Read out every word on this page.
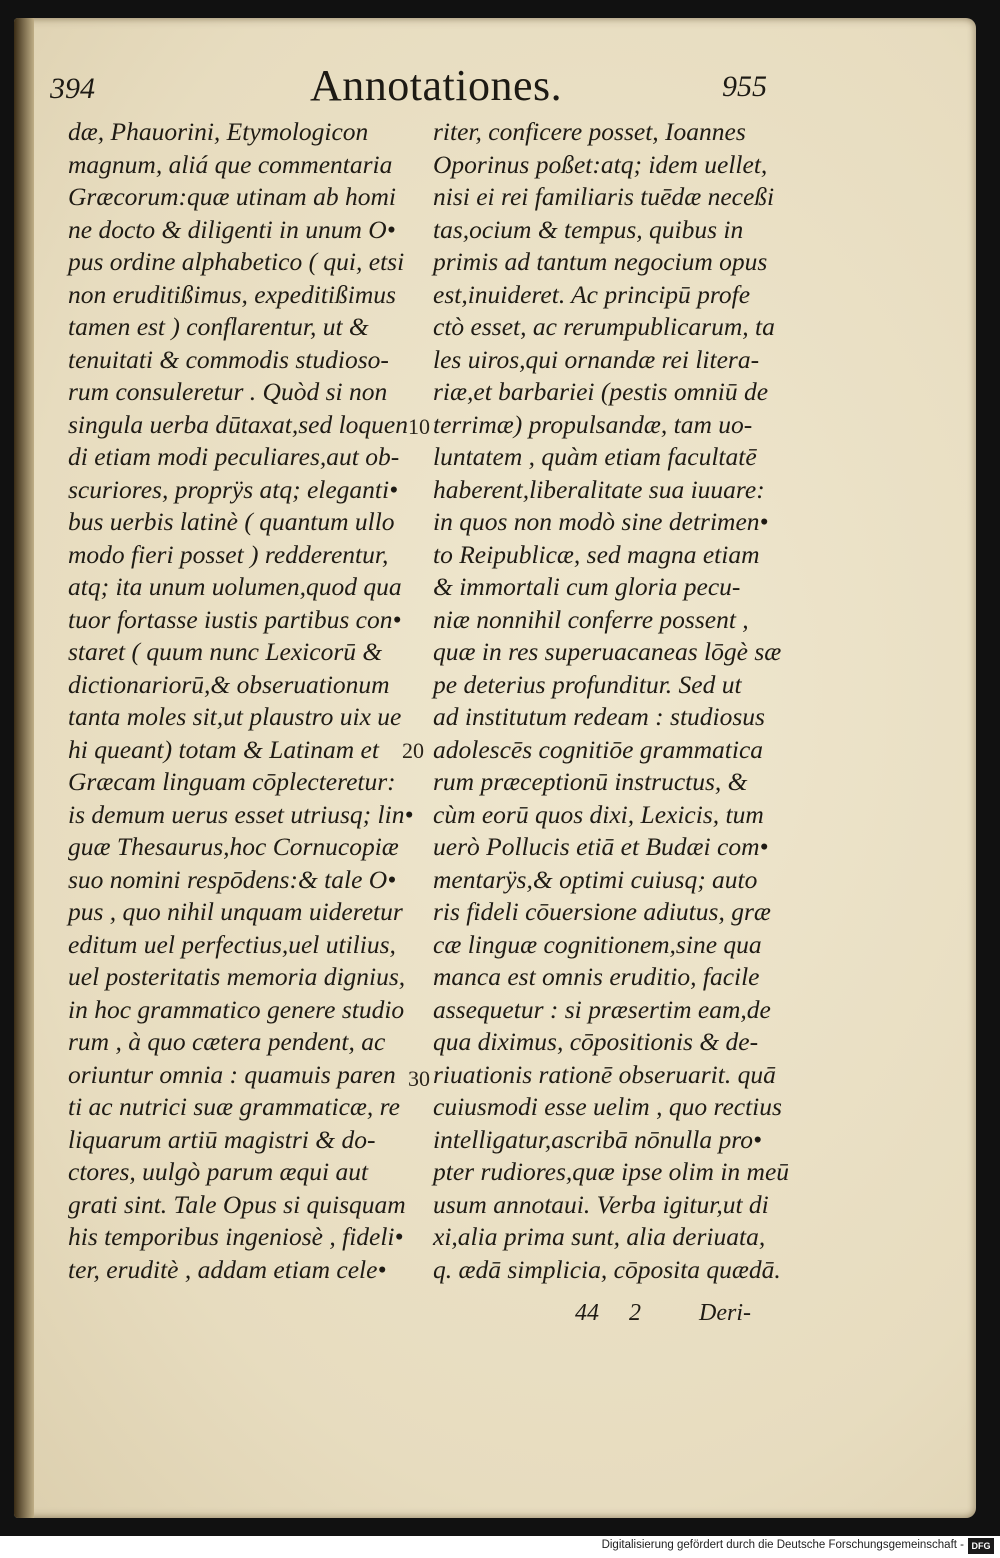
394	Annotationes.	955
dæ, Phauorini, Etymologicon
magnum, aliá que commentaria
Græcorum:quæ utinam ab homi
ne docto & diligenti in unum O•
pus ordine alphabetico ( qui, etsi
non eruditißimus, expeditißimus
tamen est ) conflarentur, ut &
tenuitati & commodis studioso-
rum consuleretur . Quòd si non
singula uerba dūtaxat,sed loquen
di etiam modi peculiares,aut ob-
scuriores, proprÿs atq; eleganti•
bus uerbis latinè ( quantum ullo
modo fieri posset ) redderentur,
atq; ita unum uolumen,quod qua
tuor fortasse iustis partibus con•
staret ( quum nunc Lexicorū &
dictionariorū,& obseruationum
tanta moles sit,ut plaustro uix ue
hi queant) totam & Latinam et
Græcam linguam cōplecteretur:
is demum uerus esset utriusq; lin•
guæ Thesaurus,hoc Cornucopiæ
suo nomini respōdens:& tale O•
pus , quo nihil unquam uideretur
editum uel perfectius,uel utilius,
uel posteritatis memoria dignius,
in hoc grammatico genere studio
rum , à quo cætera pendent, ac
oriuntur omnia : quamuis paren
ti ac nutrici suæ grammaticæ, re
liquarum artiū magistri & do-
ctores, uulgò parum æqui aut
grati sint. Tale Opus si quisquam
his temporibus ingeniosè , fideli•
ter, eruditè , addam etiam cele•
riter, conficere posset, Ioannes
Oporinus poßet:atq; idem uellet,
nisi ei rei familiaris tuēdæ neceßi
tas,ocium & tempus, quibus in
primis ad tantum negocium opus
est,inuideret. Ac principū profe
ctò esset, ac rerumpublicarum, ta
les uiros,qui ornandæ rei litera-
riæ,et barbariei (pestis omniū de
terrimæ) propulsandæ, tam uo-
luntatem , quàm etiam facultatē
haberent,liberalitate sua iuuare:
in quos non modò sine detrimen•
to Reipublicæ, sed magna etiam
& immortali cum gloria pecu-
niæ nonnihil conferre possent ,
quæ in res superuacaneas lōgè sæ
pe deterius profunditur. Sed ut
ad institutum redeam : studiosus
adolescēs cognitiōe grammatica
rum præceptionū instructus, &
cùm eorū quos dixi, Lexicis, tum
uerò Pollucis etiā et Budæi com•
mentarÿs,& optimi cuiusq; auto
ris fideli cōuersione adiutus, græ
cæ linguæ cognitionem,sine qua
manca est omnis eruditio, facile
assequetur : si præsertim eam,de
qua diximus, cōpositionis & de-
riuationis rationē obseruarit. quā
cuiusmodi esse uelim , quo rectius
intelligatur,ascribā nōnulla pro•
pter rudiores,quæ ipse olim in meū
usum annotaui. Verba igitur,ut di
xi,alia prima sunt, alia deriuata,
q. ædā simplicia, cōposita quædā.
10
20
30
44 2 Deri-
Digitalisierung gefördert durch die Deutsche Forschungsgemeinschaft - DFG
